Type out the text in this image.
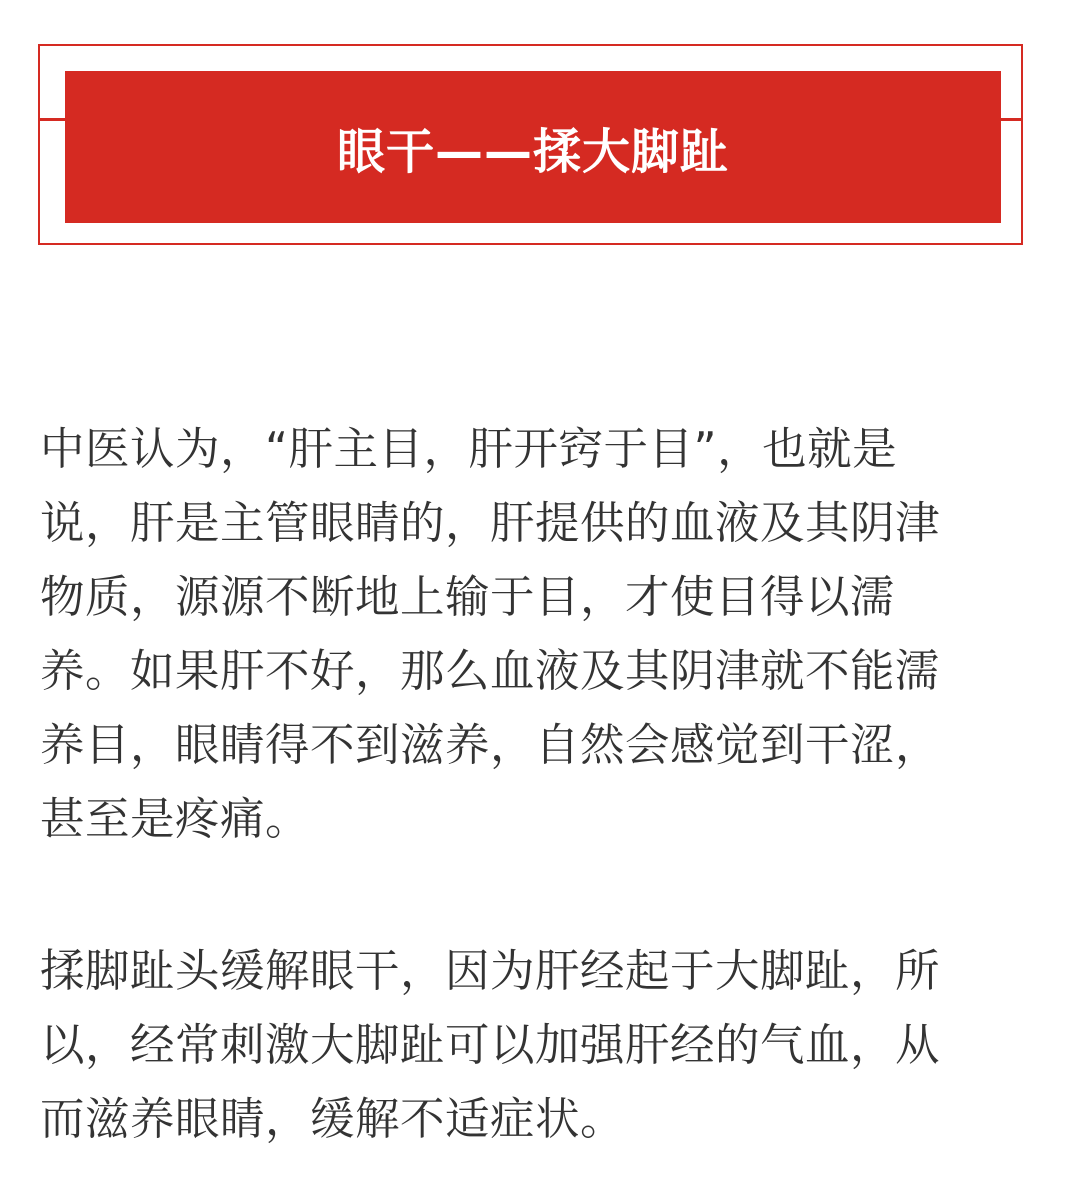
眼干——揉大脚趾

中医认为，“肝主目，肝开窍于目”，也就是
说，肝是主管眼睛的，肝提供的血液及其阴津
物质，源源不断地上输于目，才使目得以濡
养。如果肝不好，那么血液及其阴津就不能濡
养目，眼睛得不到滋养，自然会感觉到干涩，
甚至是疼痛。

揉脚趾头缓解眼干，因为肝经起于大脚趾，所
以，经常刺激大脚趾可以加强肝经的气血，从
而滋养眼睛，缓解不适症状。
